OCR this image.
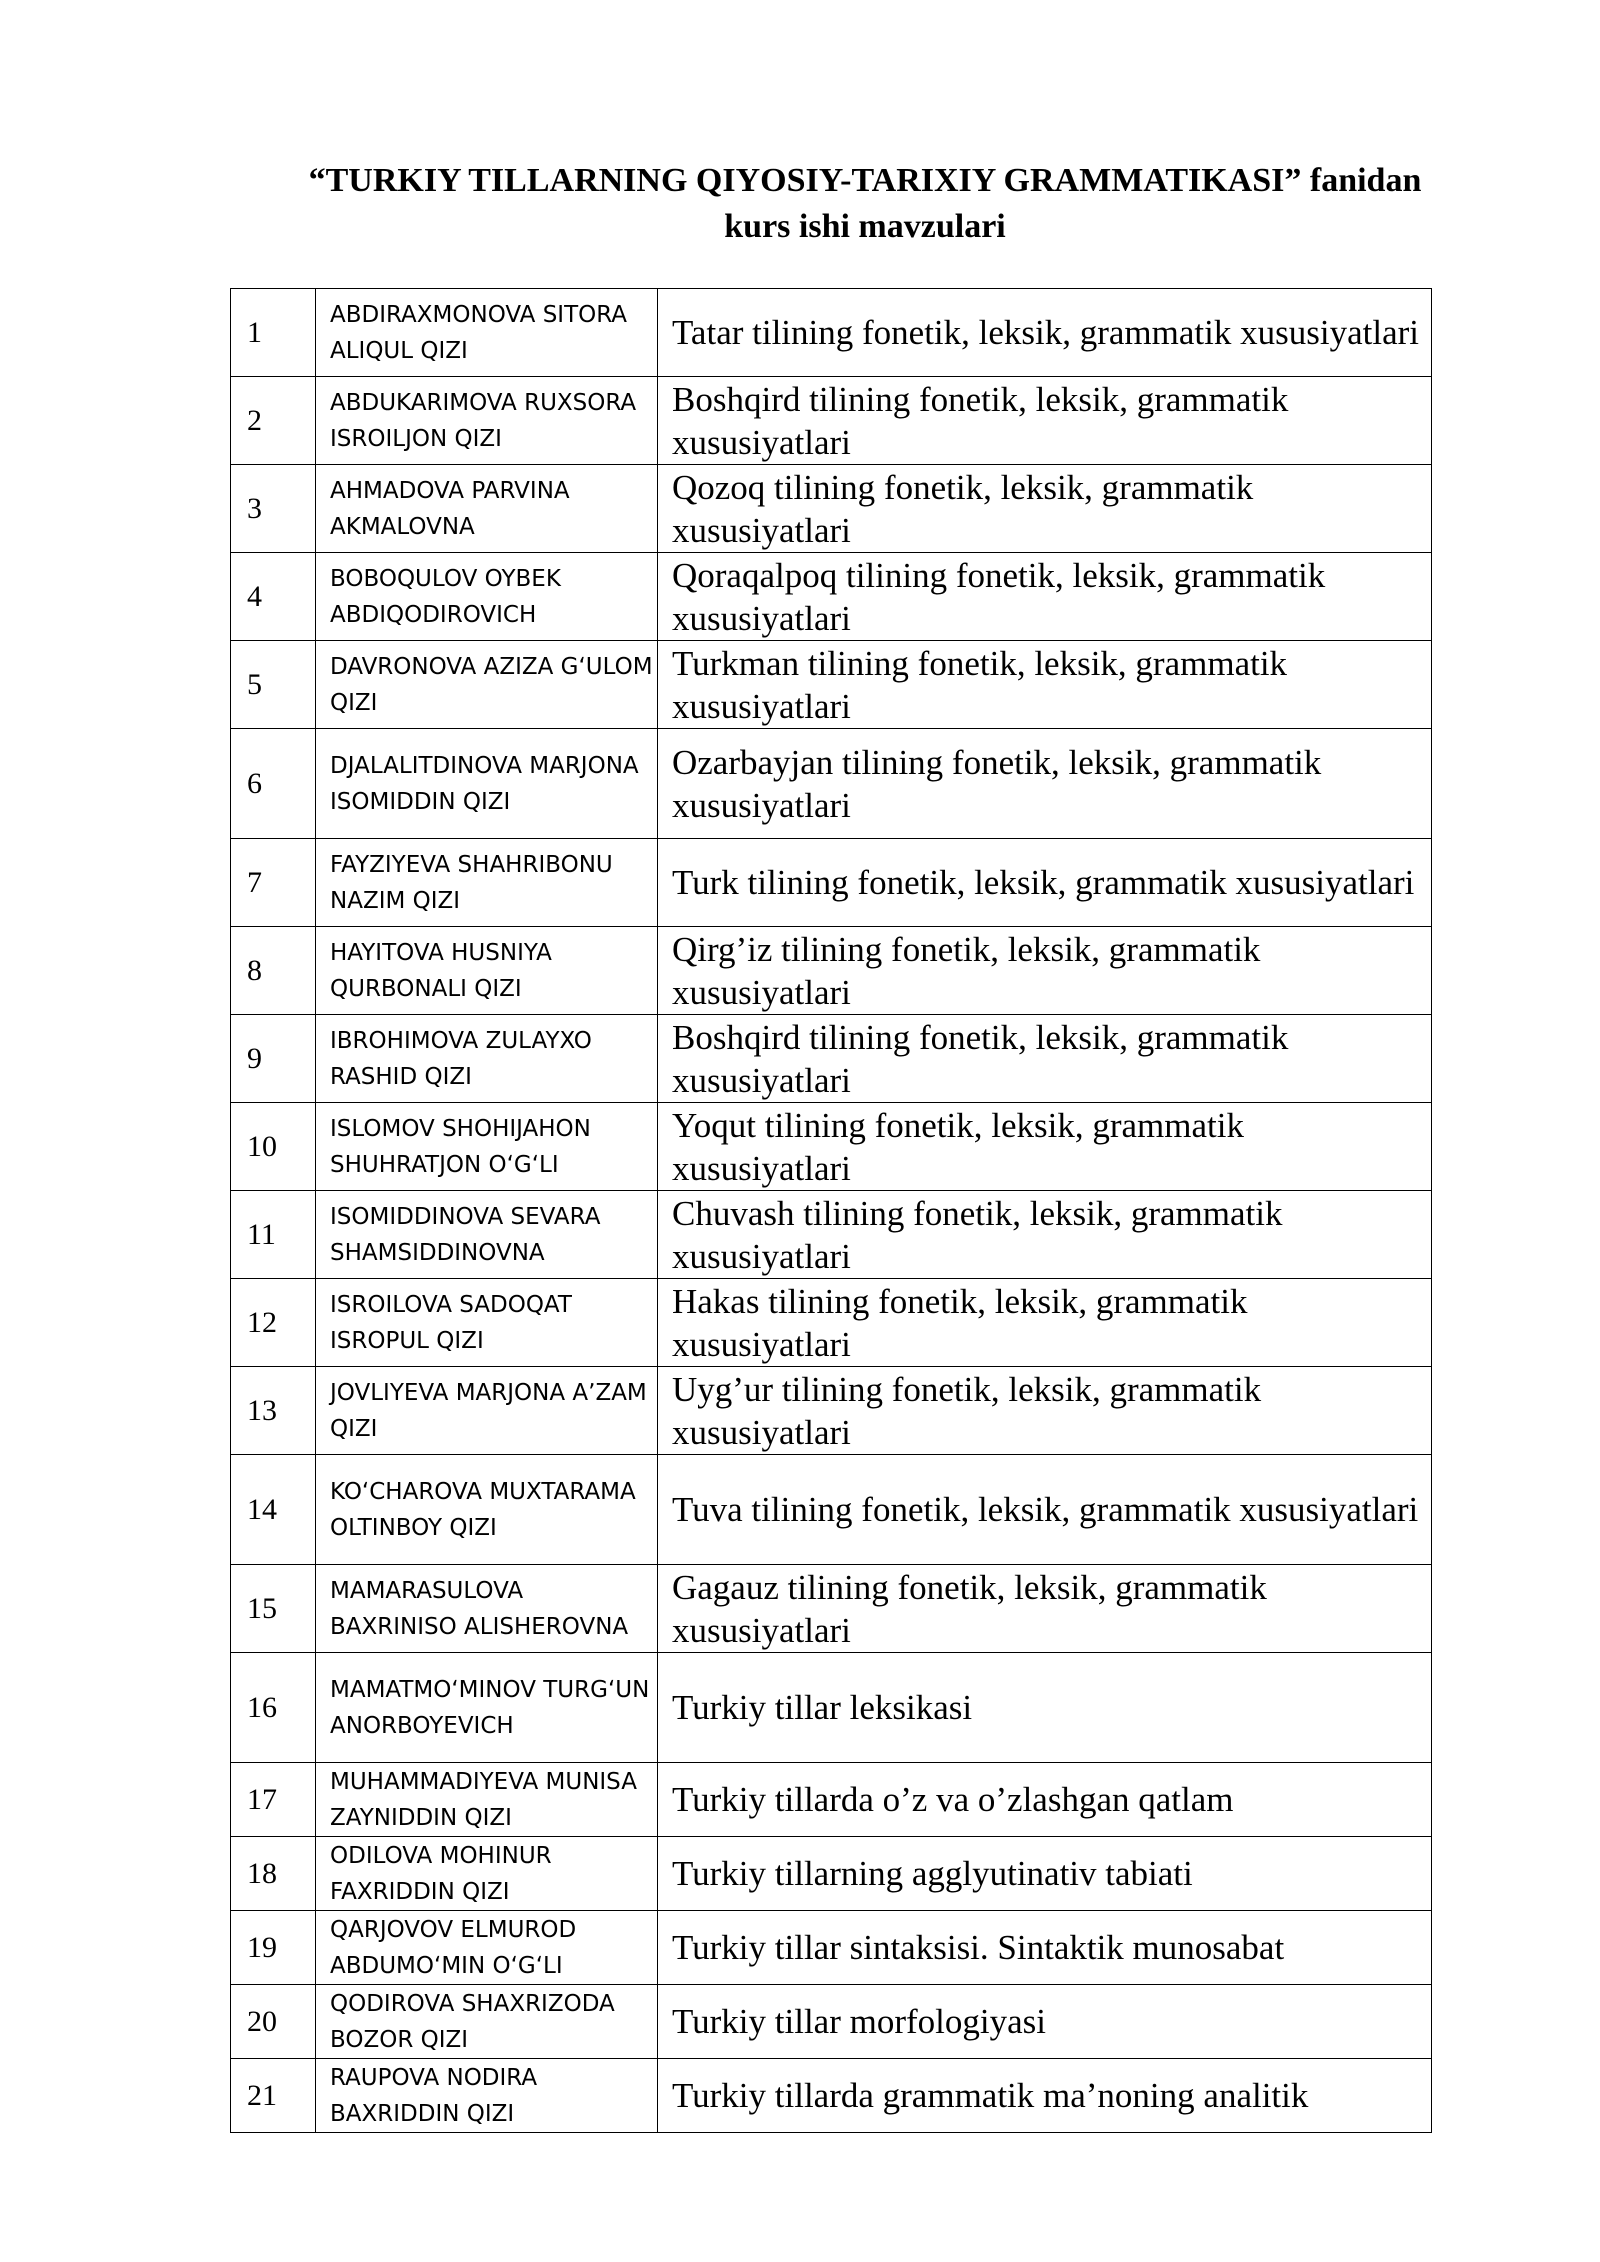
“TURKIY TILLARNING QIYOSIY-TARIXIY GRAMMATIKASI” fanidan
kurs ishi mavzulari
1	ABDIRAXMONOVA SITORA ALIQUL QIZI	Tatar tilining fonetik, leksik, grammatik xususiyatlari
2	ABDUKARIMOVA RUXSORA ISROILJON QIZI	Boshqird tilining fonetik, leksik, grammatik xususiyatlari
3	AHMADOVA PARVINA AKMALOVNA	Qozoq tilining fonetik, leksik, grammatik xususiyatlari
4	BOBOQULOV OYBEK ABDIQODIROVICH	Qoraqalpoq tilining fonetik, leksik, grammatik xususiyatlari
5	DAVRONOVA AZIZA GʻULOM QIZI	Turkman tilining fonetik, leksik, grammatik xususiyatlari
6	DJALALITDINOVA MARJONA ISOMIDDIN QIZI	Ozarbayjan tilining fonetik, leksik, grammatik xususiyatlari
7	FAYZIYEVA SHAHRIBONU NAZIM QIZI	Turk tilining fonetik, leksik, grammatik xususiyatlari
8	HAYITOVA HUSNIYA QURBONALI QIZI	Qirg’iz tilining fonetik, leksik, grammatik xususiyatlari
9	IBROHIMOVA ZULAYXO RASHID QIZI	Boshqird tilining fonetik, leksik, grammatik xususiyatlari
10	ISLOMOV SHOHIJAHON SHUHRATJON OʻGʻLI	Yoqut tilining fonetik, leksik, grammatik xususiyatlari
11	ISOMIDDINOVA SEVARA SHAMSIDDINOVNA	Chuvash tilining fonetik, leksik, grammatik xususiyatlari
12	ISROILOVA SADOQAT ISROPUL QIZI	Hakas tilining fonetik, leksik, grammatik xususiyatlari
13	JOVLIYEVA MARJONA AʼZAM QIZI	Uyg’ur tilining fonetik, leksik, grammatik xususiyatlari
14	KOʻCHAROVA MUXTARAMA OLTINBOY QIZI	Tuva tilining fonetik, leksik, grammatik xususiyatlari
15	MAMARASULOVA BAXRINISO ALISHEROVNA	Gagauz tilining fonetik, leksik, grammatik xususiyatlari
16	MAMATMOʻMINOV TURGʻUN ANORBOYEVICH	Turkiy tillar leksikasi
17	MUHAMMADIYEVA MUNISA ZAYNIDDIN QIZI	Turkiy tillarda o’z va o’zlashgan qatlam
18	ODILOVA MOHINUR FAXRIDDIN QIZI	Turkiy tillarning agglyutinativ tabiati
19	QARJOVOV ELMUROD ABDUMOʻMIN OʻGʻLI	Turkiy tillar sintaksisi. Sintaktik munosabat
20	QODIROVA SHAXRIZODA BOZOR QIZI	Turkiy tillar morfologiyasi
21	RAUPOVA NODIRA BAXRIDDIN QIZI	Turkiy tillarda grammatik maʼnoning analitik
